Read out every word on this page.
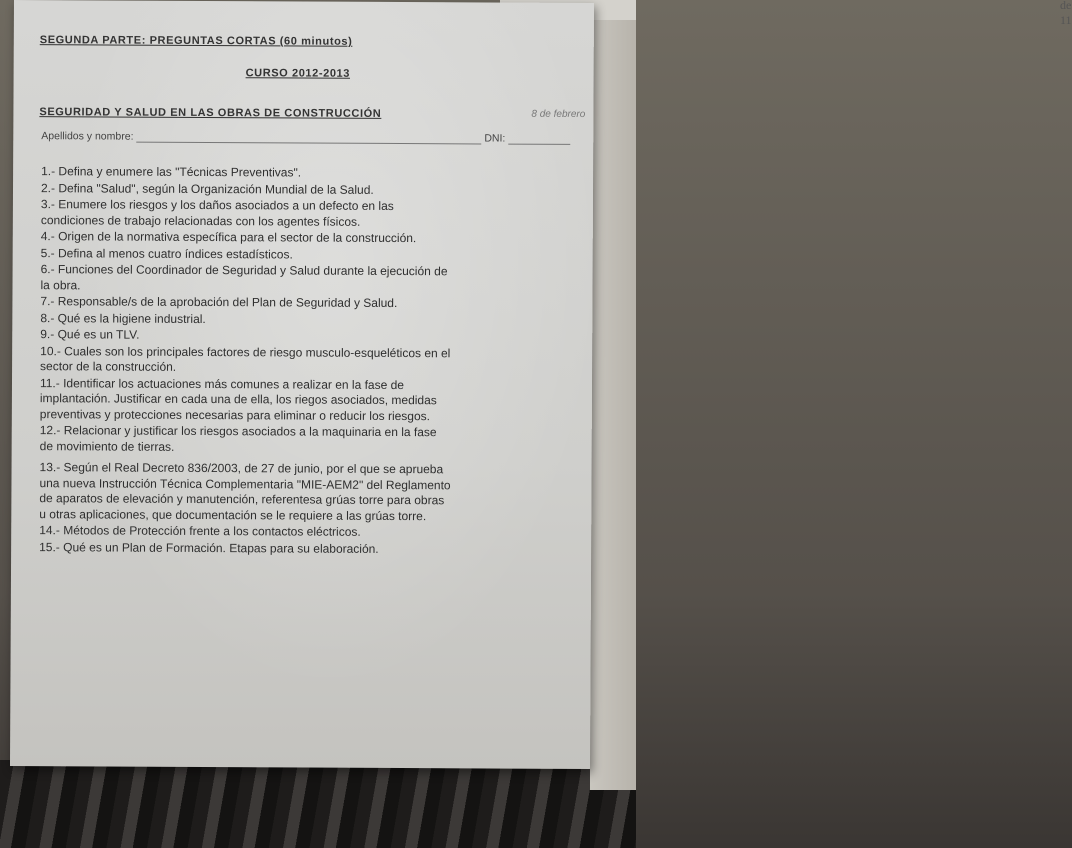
de 11
SEGUNDA PARTE: PREGUNTAS CORTAS (60 minutos)
CURSO 2012-2013
SEGURIDAD Y SALUD EN LAS OBRAS DE CONSTRUCCIÓN	8 de febrero
Apellidos y nombre:	DNI:
1.- Defina y enumere las "Técnicas Preventivas".
2.- Defina "Salud", según la Organización Mundial de la Salud.
3.- Enumere los riesgos y los daños asociados a un defecto en las
condiciones de trabajo relacionadas con los agentes físicos.
4.- Origen de la normativa específica para el sector de la construcción.
5.- Defina al menos cuatro índices estadísticos.
6.- Funciones del Coordinador de Seguridad y Salud durante la ejecución de
la obra.
7.- Responsable/s de la aprobación del Plan de Seguridad y Salud.
8.- Qué es la higiene industrial.
9.- Qué es un TLV.
10.- Cuales son los principales factores de riesgo musculo-esqueléticos en el
sector de la construcción.
11.- Identificar los actuaciones más comunes a realizar en la fase de
implantación. Justificar en cada una de ella, los riegos asociados, medidas
preventivas y protecciones necesarias para eliminar o reducir los riesgos.
12.- Relacionar y justificar los riesgos asociados a la maquinaria en la fase
de movimiento de tierras.
13.- Según el Real Decreto 836/2003, de 27 de junio, por el que se aprueba
una nueva Instrucción Técnica Complementaria "MIE-AEM2" del Reglamento
de aparatos de elevación y manutención, referentesa grúas torre para obras
u otras aplicaciones, que documentación se le requiere a las grúas torre.
14.- Métodos de Protección frente a los contactos eléctricos.
15.- Qué es un Plan de Formación. Etapas para su elaboración.
